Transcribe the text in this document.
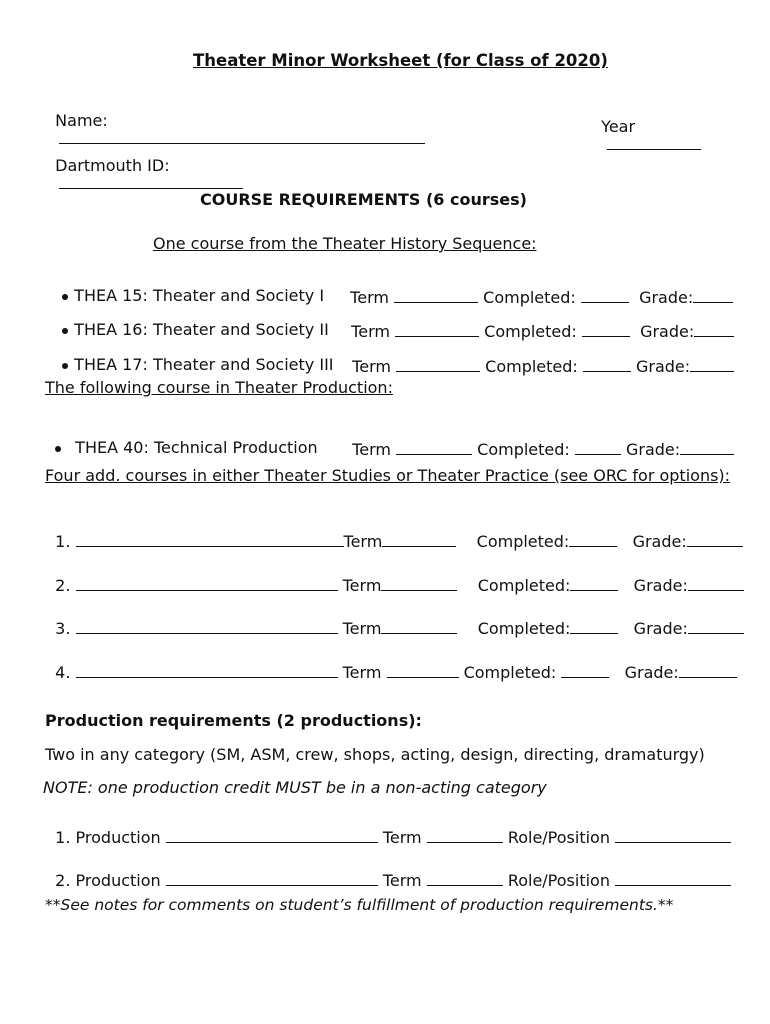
Theater Minor Worksheet (for Class of 2020)

Name:
	Year

Dartmouth ID:

COURSE REQUIREMENTS (6 courses)
One course from the Theater History Sequence:

THEA 15: Theater and Society I	Term	Completed:	Grade:

THEA 16: Theater and Society II	Term	Completed:	Grade:

THEA 17: Theater and Society III	Term	Completed:	Grade:

The following course in Theater Production:

THEA 40: Technical Production	Term	Completed:	Grade:

Four add. courses in either Theater Studies or Theater Practice (see ORC for options):

1.	Term	Completed:	Grade:

2.	Term	Completed:	Grade:

3.	Term	Completed:	Grade:

4.	Term	Completed:	Grade:

Production requirements (2 productions):
Two in any category (SM, ASM, crew, shops, acting, design, directing, dramaturgy)
NOTE: one production credit MUST be in a non-acting category

1. Production	Term	Role/Position

2. Production	Term	Role/Position

**See notes for comments on student’s fulfillment of production requirements.**
